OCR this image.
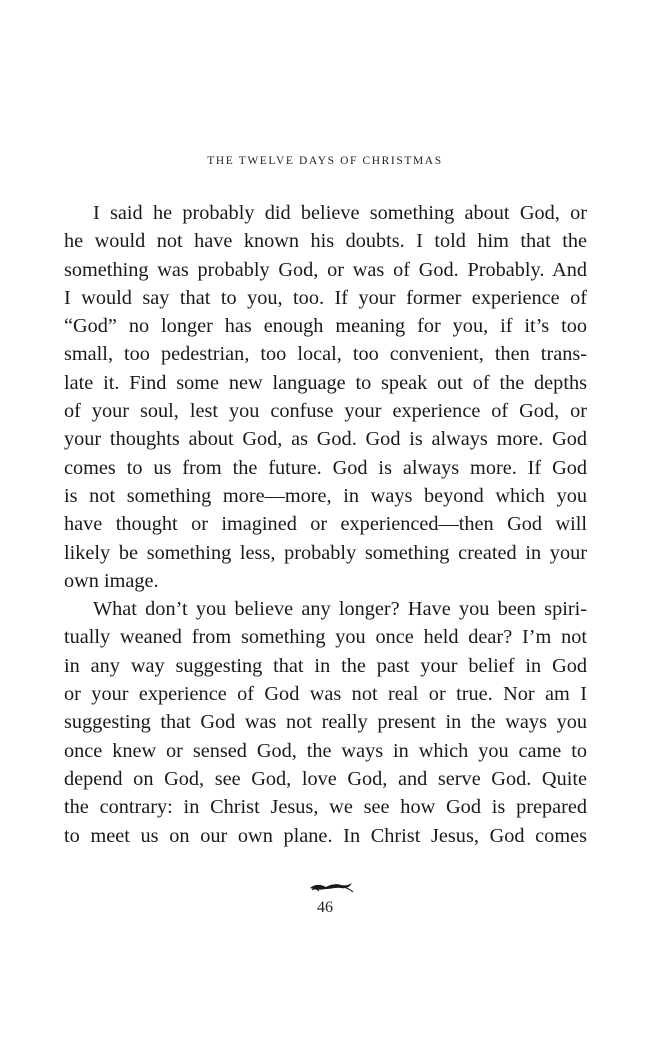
THE TWELVE DAYS OF CHRISTMAS
I said he probably did believe something about God, or
he would not have known his doubts. I told him that the
something was probably God, or was of God. Probably. And
I would say that to you, too. If your former experience of
“God” no longer has enough meaning for you, if it’s too
small, too pedestrian, too local, too convenient, then trans-
late it. Find some new language to speak out of the depths
of your soul, lest you confuse your experience of God, or
your thoughts about God, as God. God is always more. God
comes to us from the future. God is always more. If God
is not something more—more, in ways beyond which you
have thought or imagined or experienced—then God will
likely be something less, probably something created in your
own image.
What don’t you believe any longer? Have you been spiri-
tually weaned from something you once held dear? I’m not
in any way suggesting that in the past your belief in God
or your experience of God was not real or true. Nor am I
suggesting that God was not really present in the ways you
once knew or sensed God, the ways in which you came to
depend on God, see God, love God, and serve God. Quite
the contrary: in Christ Jesus, we see how God is prepared
to meet us on our own plane. In Christ Jesus, God comes
46
